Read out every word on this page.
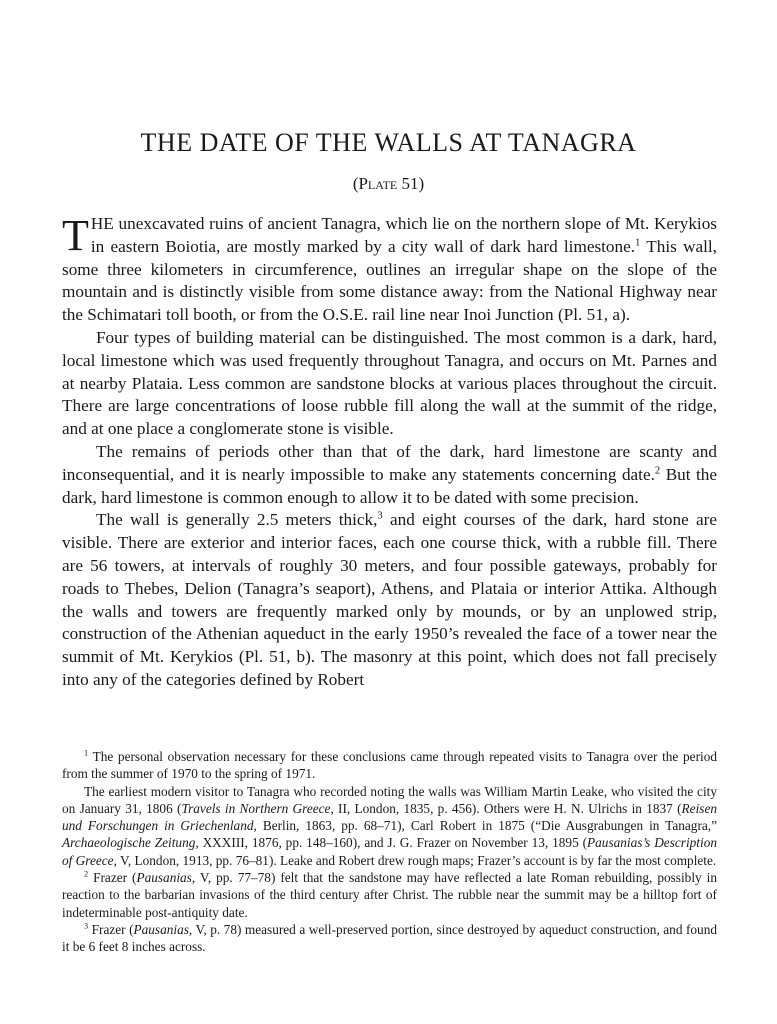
THE DATE OF THE WALLS AT TANAGRA
(Plate 51)

THE unexcavated ruins of ancient Tanagra, which lie on the northern slope of Mt. Kerykios in eastern Boiotia, are mostly marked by a city wall of dark hard limestone.$^1$ This wall, some three kilometers in circumference, outlines an irregular shape on the slope of the mountain and is distinctly visible from some distance away: from the National Highway near the Schimatari toll booth, or from the O.S.E. rail line near Inoi Junction (Pl. 51, a).

Four types of building material can be distinguished. The most common is a dark, hard, local limestone which was used frequently throughout Tanagra, and occurs on Mt. Parnes and at nearby Plataia. Less common are sandstone blocks at various places throughout the circuit. There are large concentrations of loose rubble fill along the wall at the summit of the ridge, and at one place a conglomerate stone is visible.

The remains of periods other than that of the dark, hard limestone are scanty and inconsequential, and it is nearly impossible to make any statements concerning date.$^2$ But the dark, hard limestone is common enough to allow it to be dated with some precision.

The wall is generally 2.5 meters thick,$^3$ and eight courses of the dark, hard stone are visible. There are exterior and interior faces, each one course thick, with a rubble fill. There are 56 towers, at intervals of roughly 30 meters, and four possible gateways, probably for roads to Thebes, Delion (Tanagra’s seaport), Athens, and Plataia or interior Attika. Although the walls and towers are frequently marked only by mounds, or by an unplowed strip, construction of the Athenian aqueduct in the early 1950’s revealed the face of a tower near the summit of Mt. Kerykios (Pl. 51, b). The masonry at this point, which does not fall precisely into any of the categories defined by Robert

$^1$ The personal observation necessary for these conclusions came through repeated visits to Tanagra over the period from the summer of 1970 to the spring of 1971.

The earliest modern visitor to Tanagra who recorded noting the walls was William Martin Leake, who visited the city on January 31, 1806 (Travels in Northern Greece, II, London, 1835, p. 456). Others were H. N. Ulrichs in 1837 (Reisen und Forschungen in Griechenland, Berlin, 1863, pp. 68–71), Carl Robert in 1875 (“Die Ausgrabungen in Tanagra,” Archaeologische Zeitung, XXXIII, 1876, pp. 148–160), and J. G. Frazer on November 13, 1895 (Pausanias’s Description of Greece, V, London, 1913, pp. 76–81). Leake and Robert drew rough maps; Frazer’s account is by far the most complete.

$^2$ Frazer (Pausanias, V, pp. 77–78) felt that the sandstone may have reflected a late Roman rebuilding, possibly in reaction to the barbarian invasions of the third century after Christ. The rubble near the summit may be a hilltop fort of indeterminable post-antiquity date.

$^3$ Frazer (Pausanias, V, p. 78) measured a well-preserved portion, since destroyed by aqueduct construction, and found it be 6 feet 8 inches across.
